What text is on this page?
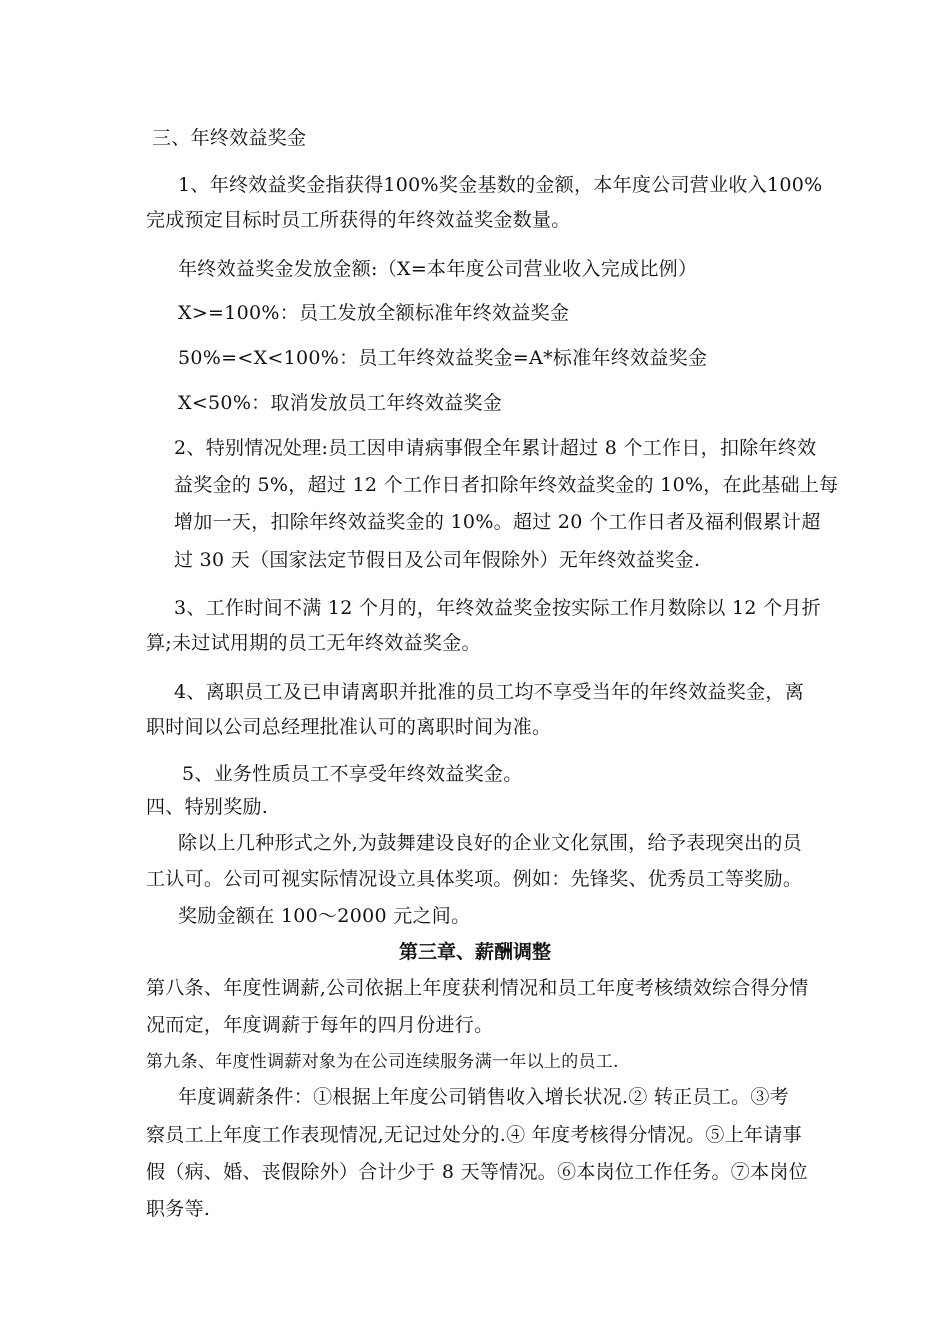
三、年终效益奖金
1、年终效益奖金指获得100%奖金基数的金额，本年度公司营业收入100%
完成预定目标时员工所获得的年终效益奖金数量。
年终效益奖金发放金额:（X=本年度公司营业收入完成比例）
X>=100%：员工发放全额标准年终效益奖金
50%=<X<100%：员工年终效益奖金=A*标准年终效益奖金
X<50%：取消发放员工年终效益奖金
2、特别情况处理:员工因申请病事假全年累计超过 8 个工作日，扣除年终效
益奖金的 5%，超过 12 个工作日者扣除年终效益奖金的 10%，在此基础上每
增加一天，扣除年终效益奖金的 10%。超过 20 个工作日者及福利假累计超
过 30 天（国家法定节假日及公司年假除外）无年终效益奖金.
3、工作时间不满 12 个月的，年终效益奖金按实际工作月数除以 12 个月折
算;未过试用期的员工无年终效益奖金。
4、离职员工及已申请离职并批准的员工均不享受当年的年终效益奖金，离
职时间以公司总经理批准认可的离职时间为准。
5、业务性质员工不享受年终效益奖金。
四、特别奖励.
除以上几种形式之外,为鼓舞建设良好的企业文化氛围，给予表现突出的员
工认可。公司可视实际情况设立具体奖项。例如：先锋奖、优秀员工等奖励。
奖励金额在 100～2000 元之间。
第三章、薪酬调整
第八条、年度性调薪,公司依据上年度获利情况和员工年度考核绩效综合得分情
况而定，年度调薪于每年的四月份进行。
第九条、年度性调薪对象为在公司连续服务满一年以上的员工.
年度调薪条件：①根据上年度公司销售收入增长状况.② 转正员工。③考
察员工上年度工作表现情况,无记过处分的.④ 年度考核得分情况。⑤上年请事
假（病、婚、丧假除外）合计少于 8 天等情况。⑥本岗位工作任务。⑦本岗位
职务等.
